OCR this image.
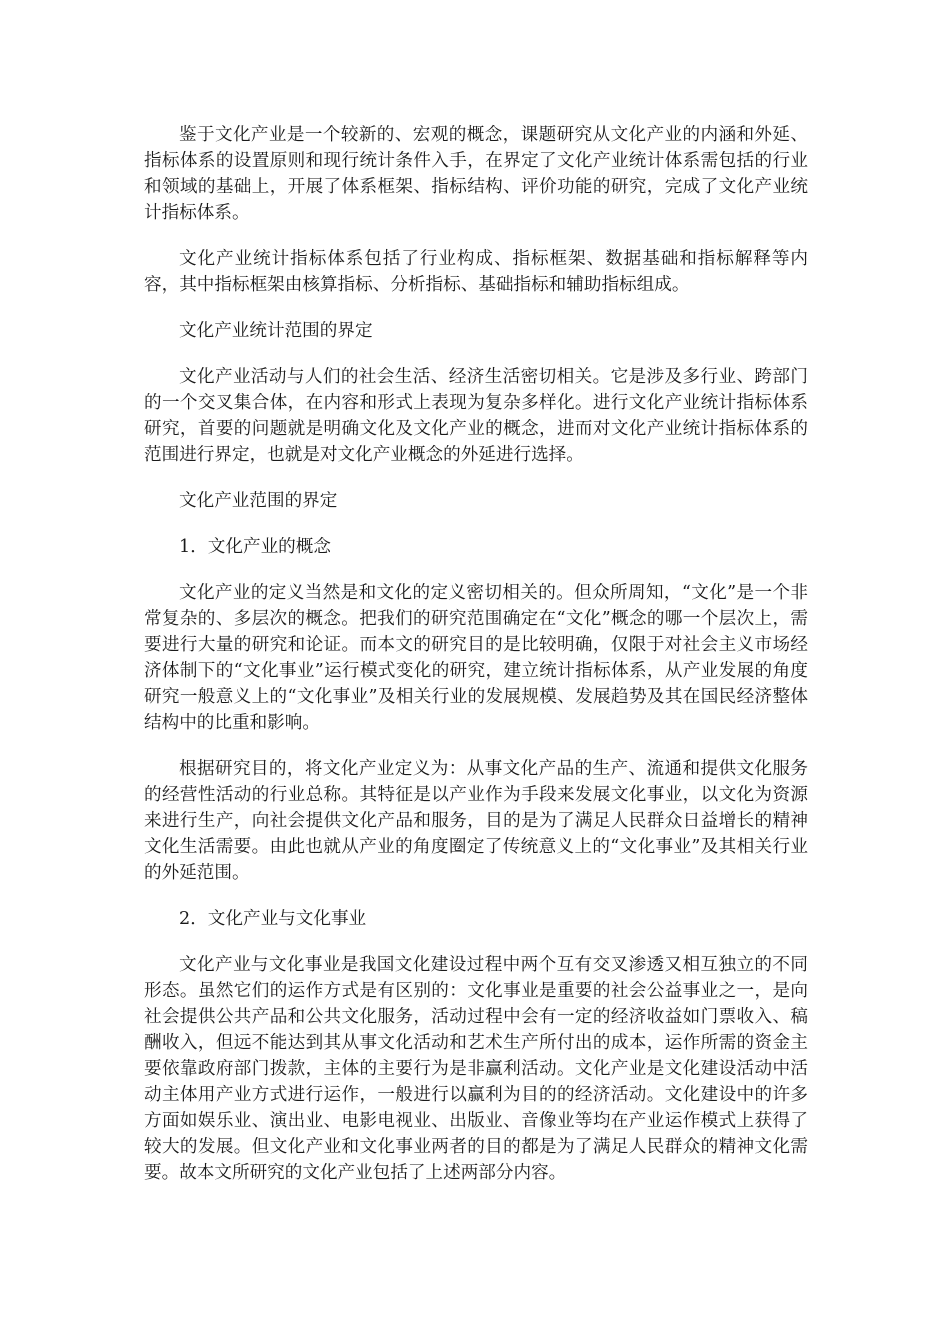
鉴于文化产业是一个较新的、宏观的概念，课题研究从文化产业的内涵和外延、指标体系的设置原则和现行统计条件入手，在界定了文化产业统计体系需包括的行业和领域的基础上，开展了体系框架、指标结构、评价功能的研究，完成了文化产业统计指标体系。

文化产业统计指标体系包括了行业构成、指标框架、数据基础和指标解释等内容，其中指标框架由核算指标、分析指标、基础指标和辅助指标组成。

文化产业统计范围的界定

文化产业活动与人们的社会生活、经济生活密切相关。它是涉及多行业、跨部门的一个交叉集合体，在内容和形式上表现为复杂多样化。进行文化产业统计指标体系研究，首要的问题就是明确文化及文化产业的概念，进而对文化产业统计指标体系的范围进行界定，也就是对文化产业概念的外延进行选择。

文化产业范围的界定

1．文化产业的概念

文化产业的定义当然是和文化的定义密切相关的。但众所周知，“文化”是一个非常复杂的、多层次的概念。把我们的研究范围确定在“文化”概念的哪一个层次上，需要进行大量的研究和论证。而本文的研究目的是比较明确，仅限于对社会主义市场经济体制下的“文化事业”运行模式变化的研究，建立统计指标体系，从产业发展的角度研究一般意义上的“文化事业”及相关行业的发展规模、发展趋势及其在国民经济整体结构中的比重和影响。

根据研究目的，将文化产业定义为：从事文化产品的生产、流通和提供文化服务的经营性活动的行业总称。其特征是以产业作为手段来发展文化事业，以文化为资源来进行生产，向社会提供文化产品和服务，目的是为了满足人民群众日益增长的精神文化生活需要。由此也就从产业的角度圈定了传统意义上的“文化事业”及其相关行业的外延范围。

2．文化产业与文化事业

文化产业与文化事业是我国文化建设过程中两个互有交叉渗透又相互独立的不同形态。虽然它们的运作方式是有区别的：文化事业是重要的社会公益事业之一，是向社会提供公共产品和公共文化服务，活动过程中会有一定的经济收益如门票收入、稿酬收入，但远不能达到其从事文化活动和艺术生产所付出的成本，运作所需的资金主要依靠政府部门拨款，主体的主要行为是非赢利活动。文化产业是文化建设活动中活动主体用产业方式进行运作，一般进行以赢利为目的的经济活动。文化建设中的许多方面如娱乐业、演出业、电影电视业、出版业、音像业等均在产业运作模式上获得了较大的发展。但文化产业和文化事业两者的目的都是为了满足人民群众的精神文化需要。故本文所研究的文化产业包括了上述两部分内容。
